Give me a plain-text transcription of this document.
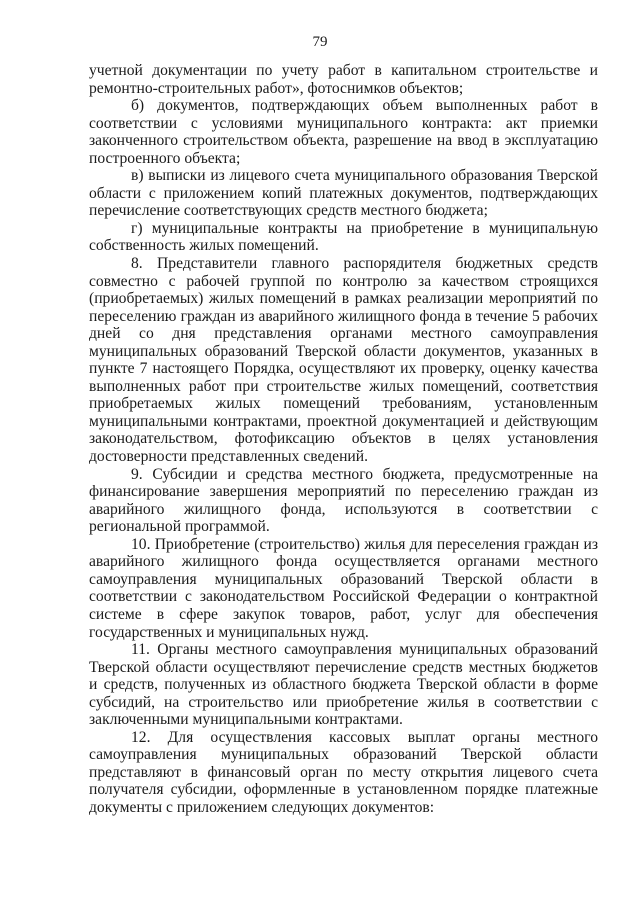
79

учетной документации по учету работ в капитальном строительстве и ремонтно-строительных работ», фотоснимков объектов;

б) документов, подтверждающих объем выполненных работ в соответствии с условиями муниципального контракта: акт приемки законченного строительством объекта, разрешение на ввод в эксплуатацию построенного объекта;

в) выписки из лицевого счета муниципального образования Тверской области с приложением копий платежных документов, подтверждающих перечисление соответствующих средств местного бюджета;

г) муниципальные контракты на приобретение в муниципальную собственность жилых помещений.

8. Представители главного распорядителя бюджетных средств совместно с рабочей группой по контролю за качеством строящихся (приобретаемых) жилых помещений в рамках реализации мероприятий по переселению граждан из аварийного жилищного фонда в течение 5 рабочих дней со дня представления органами местного самоуправления муниципальных образований Тверской области документов, указанных в пункте 7 настоящего Порядка, осуществляют их проверку, оценку качества выполненных работ при строительстве жилых помещений, соответствия приобретаемых жилых помещений требованиям, установленным муниципальными контрактами, проектной документацией и действующим законодательством, фотофиксацию объектов в целях установления достоверности представленных сведений.

9. Субсидии и средства местного бюджета, предусмотренные на финансирование завершения мероприятий по переселению граждан из аварийного жилищного фонда, используются в соответствии с региональной программой.

10. Приобретение (строительство) жилья для переселения граждан из аварийного жилищного фонда осуществляется органами местного самоуправления муниципальных образований Тверской области в соответствии с законодательством Российской Федерации о контрактной системе в сфере закупок товаров, работ, услуг для обеспечения государственных и муниципальных нужд.

11. Органы местного самоуправления муниципальных образований Тверской области осуществляют перечисление средств местных бюджетов и средств, полученных из областного бюджета Тверской области в форме субсидий, на строительство или приобретение жилья в соответствии с заключенными муниципальными контрактами.

12. Для осуществления кассовых выплат органы местного самоуправления муниципальных образований Тверской области представляют в финансовый орган по месту открытия лицевого счета получателя субсидии, оформленные в установленном порядке платежные документы с приложением следующих документов:
